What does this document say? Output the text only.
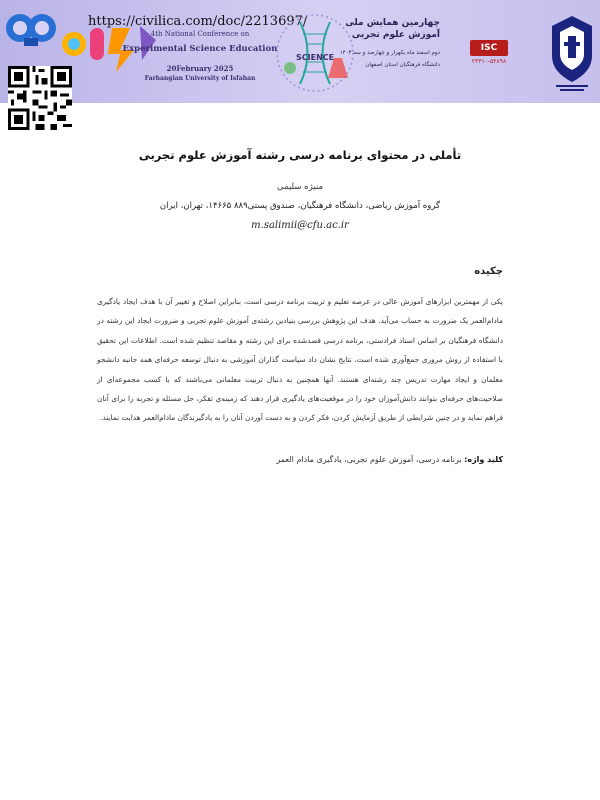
https://civilica.com/doc/2213697/
4th National Conference on
Experimental Science Education
20February 2025
Farhangian University of Isfahan
SCIENCE
چهارمین همایش ملی
آموزش علوم تجربی
دوم اسفند ماه یکهزار و چهارصد و سه ۱۴۰۳
دانشگاه فرهنگیان استان اصفهان
ISC
۲۳۳۱۰-۵۲۸۹۸
تأملی در محتوای برنامه درسی رشته آموزش علوم تجربی
منیژه سلیمی
گروه آموزش ریاضی، دانشگاه فرهنگیان، صندوق پستی۸۸۹ ۱۴۶۶۵، تهران، ایران
m.salimii@cfu.ac.ir
چکیده
یکی از مهمترین ابزارهای آموزش عالی در عرصه تعلیم و تربیت برنامه درسی است، بنابراین اصلاح و تغییر آن با هدف ایجاد یادگیری مادام‌العمر یک ضرورت به حساب می‌آید. هدف این پژوهش بررسی بنیادین رشته‌ی آموزش علوم تجربی و ضرورت ایجاد این رشته در دانشگاه فرهنگیان بر اساس اسناد فرادستی، برنامه درسی قصدشده برای این رشته و مقاصد تنظیم شده است. اطلاعات این تحقیق با استفاده از روش مروری جمع‌آوری شده است. نتایج نشان داد سیاست گذاران آموزشی به دنبال توسعه حرفه‌ای همه جانبه دانشجو معلمان و ایجاد مهارت تدریس چند رشته‌ای هستند. آنها همچنین به دنبال تربیت معلمانی می‌باشند که با کسب مجموعه‌ای از صلاحیت‌های حرفه‌ای بتوانند دانش‌آموزان خود را در موقعیت‌های یادگیری قرار دهند که زمینه‌ی تفکر، حل مسئله و تجربه را برای آنان فراهم نماید و در چنین شرایطی از طریق آزمایش کردن، فکر کردن و به دست آوردن آنان را به یادگیرندگان مادام‌العمر هدایت نمایند.
کلید واژه: برنامه درسی، آموزش علوم تجربی، یادگیری مادام العمر
